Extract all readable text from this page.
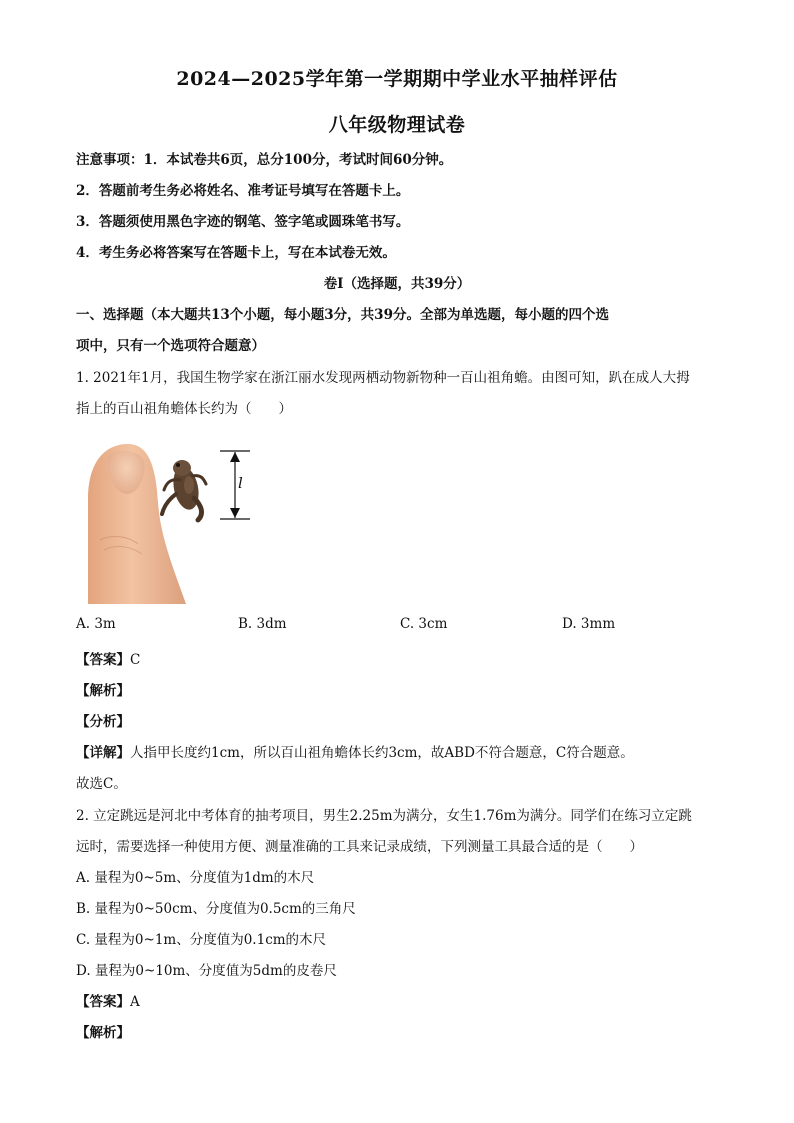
2024—2025学年第一学期期中学业水平抽样评估
八年级物理试卷
注意事项：1．本试卷共6页，总分100分，考试时间60分钟。
2．答题前考生务必将姓名、准考证号填写在答题卡上。
3．答题须使用黑色字迹的钢笔、签字笔或圆珠笔书写。
4．考生务必将答案写在答题卡上，写在本试卷无效。
卷Ⅰ（选择题，共39分）
一、选择题（本大题共13个小题，每小题3分，共39分。全部为单选题，每小题的四个选
项中，只有一个选项符合题意）
1. 2021年1月，我国生物学家在浙江丽水发现两栖动物新物种一百山祖角蟾。由图可知，趴在成人大拇
指上的百山祖角蟾体长约为（　　）
l
A. 3m	B. 3dm	C. 3cm	D. 3mm
【答案】C
【解析】
【分析】
【详解】人指甲长度约1cm，所以百山祖角蟾体长约3cm，故ABD不符合题意，C符合题意。
故选C。
2. 立定跳远是河北中考体育的抽考项目，男生2.25m为满分，女生1.76m为满分。同学们在练习立定跳
远时，需要选择一种使用方便、测量准确的工具来记录成绩，下列测量工具最合适的是（　　）
A. 量程为0~5m、分度值为1dm的木尺
B. 量程为0~50cm、分度值为0.5cm的三角尺
C. 量程为0~1m、分度值为0.1cm的木尺
D. 量程为0~10m、分度值为5dm的皮卷尺
【答案】A
【解析】
